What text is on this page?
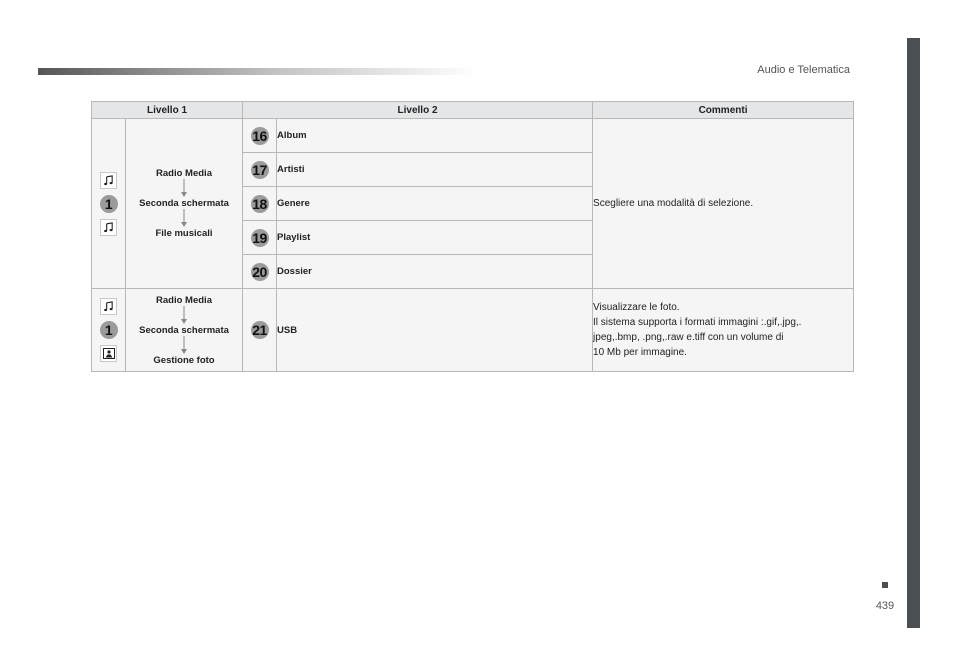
Audio e Telematica
439
Livello 1		Livello 2		Commenti

1	Radio Media
Seconda schermata
File musicali	16	Album	Scegliere una modalità di selezione.

17	Artisti	

18	Genere	

19	Playlist	

20	Dossier	

1	Radio Media
Seconda schermata
Gestione foto	21	USB	Visualizzare le foto.
Il sistema supporta i formati immagini :.gif,.jpg,.
jpeg,.bmp, .png,.raw e.tiff con un volume di
10 Mb per immagine.
